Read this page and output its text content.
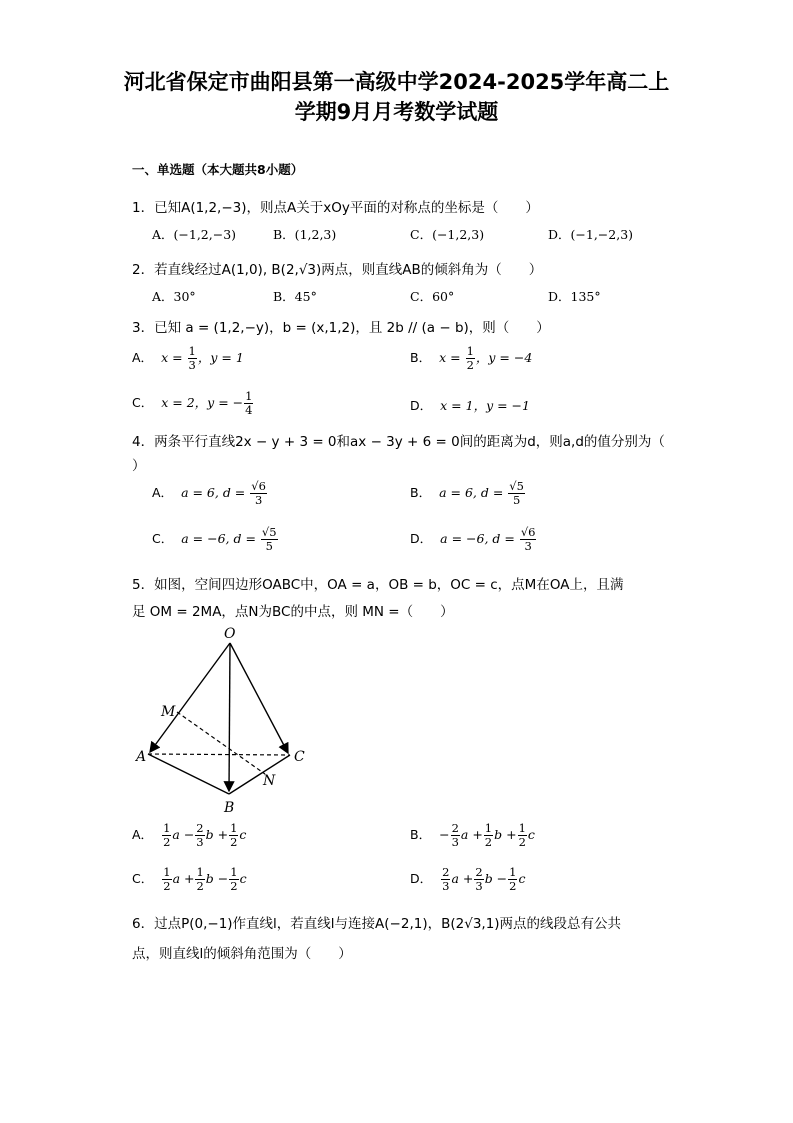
河北省保定市曲阳县第一高级中学2024-2025学年高二上
学期9月月考数学试题
一、单选题（本大题共8小题）
1．已知A(1,2,−3)，则点A关于xOy平面的对称点的坐标是（　　）
A．(−1,2,−3)	B．(1,2,3)	C．(−1,2,3)	D．(−1,−2,3)
2．若直线经过A(1,0), B(2,√3)两点，则直线AB的倾斜角为（　　）
A．30°	B．45°	C．60°	D．135°
3．已知 a = (1,2,−y)，b = (x,1,2)，且 2b // (a − b)，则（　　）
A． $x = \frac{1}{3}$ ，y = 1	B． $x = \frac{1}{2}$ ，y = −4
C． x = 2，y = − $\frac{1}{4}$	D． x = 1，y = −1
4．两条平行直线2x − y + 3 = 0和ax − 3y + 6 = 0间的距离为d，则a,d的值分别为（
）
A． a = 6, $d = \frac{√6}{3}$	B． a = 6, $d = \frac{√5}{5}$
C． a = −6, $d = \frac{√5}{5}$	D． a = −6, $d = \frac{√6}{3}$
5．如图，空间四边形OABC中，OA = a，OB = b，OC = c，点M在OA上，且满
足 OM = 2MA，点N为BC的中点，则 MN =（　　）
O
M
A	C
N
B
A． $\frac{1}{2}$ $a - \frac{2}{3}$ $b + \frac{1}{2}$ c	B． − $\frac{2}{3}$ $a + \frac{1}{2}$ $b + \frac{1}{2}$ c
C． $\frac{1}{2}$ $a + \frac{1}{2}$ $b - \frac{1}{2}$ c	D． $\frac{2}{3}$ $a + \frac{2}{3}$ $b - \frac{1}{2}$ c
6．过点P(0,−1)作直线l，若直线l与连接A(−2,1)，B(2√3,1)两点的线段总有公共
点，则直线l的倾斜角范围为（　　）
